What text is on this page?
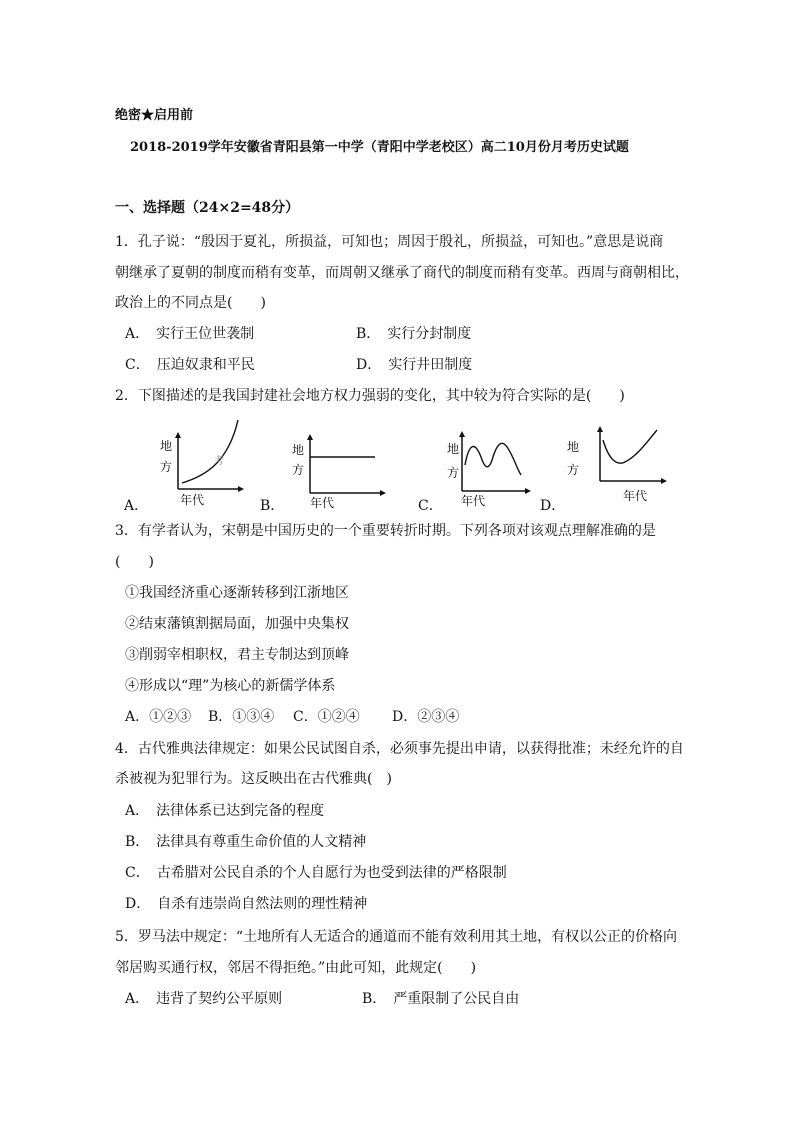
绝密★启用前
2018-2019学年安徽省青阳县第一中学（青阳中学老校区）高二10月份月考历史试题
一、选择题（24×2=48分）
1．孔子说：“殷因于夏礼，所损益，可知也；周因于殷礼，所损益，可知也。”意思是说商
朝继承了夏朝的制度而稍有变革，而周朝又继承了商代的制度而稍有变革。西周与商朝相比，
政治上的不同点是(　　)
A．　实行王位世袭制	B．　实行分封制度
C．　压迫奴隶和平民	D．　实行井田制度
2．下图描述的是我国封建社会地方权力强弱的变化，其中较为符合实际的是(　　)
地
方	考
年代
A．
地
方
年代
B．
地
方
年代
C．
地
方
年代
D．
3．有学者认为，宋朝是中国历史的一个重要转折时期。下列各项对该观点理解准确的是
(　　)
①我国经济重心逐渐转移到江浙地区
②结束藩镇割据局面，加强中央集权
③削弱宰相职权，君主专制达到顶峰
④形成以“理”为核心的新儒学体系
A．①②③ B．①③④ C．①②④ D．②③④
4．古代雅典法律规定：如果公民试图自杀，必须事先提出申请，以获得批准；未经允许的自
杀被视为犯罪行为。这反映出在古代雅典(　)
A．　法律体系已达到完备的程度
B．　法律具有尊重生命价值的人文精神
C．　古希腊对公民自杀的个人自愿行为也受到法律的严格限制
D．　自杀有违崇尚自然法则的理性精神
5．罗马法中规定：“土地所有人无适合的通道而不能有效利用其土地，有权以公正的价格向
邻居购买通行权，邻居不得拒绝。”由此可知，此规定(　　)
A．　违背了契约公平原则	B．　严重限制了公民自由
